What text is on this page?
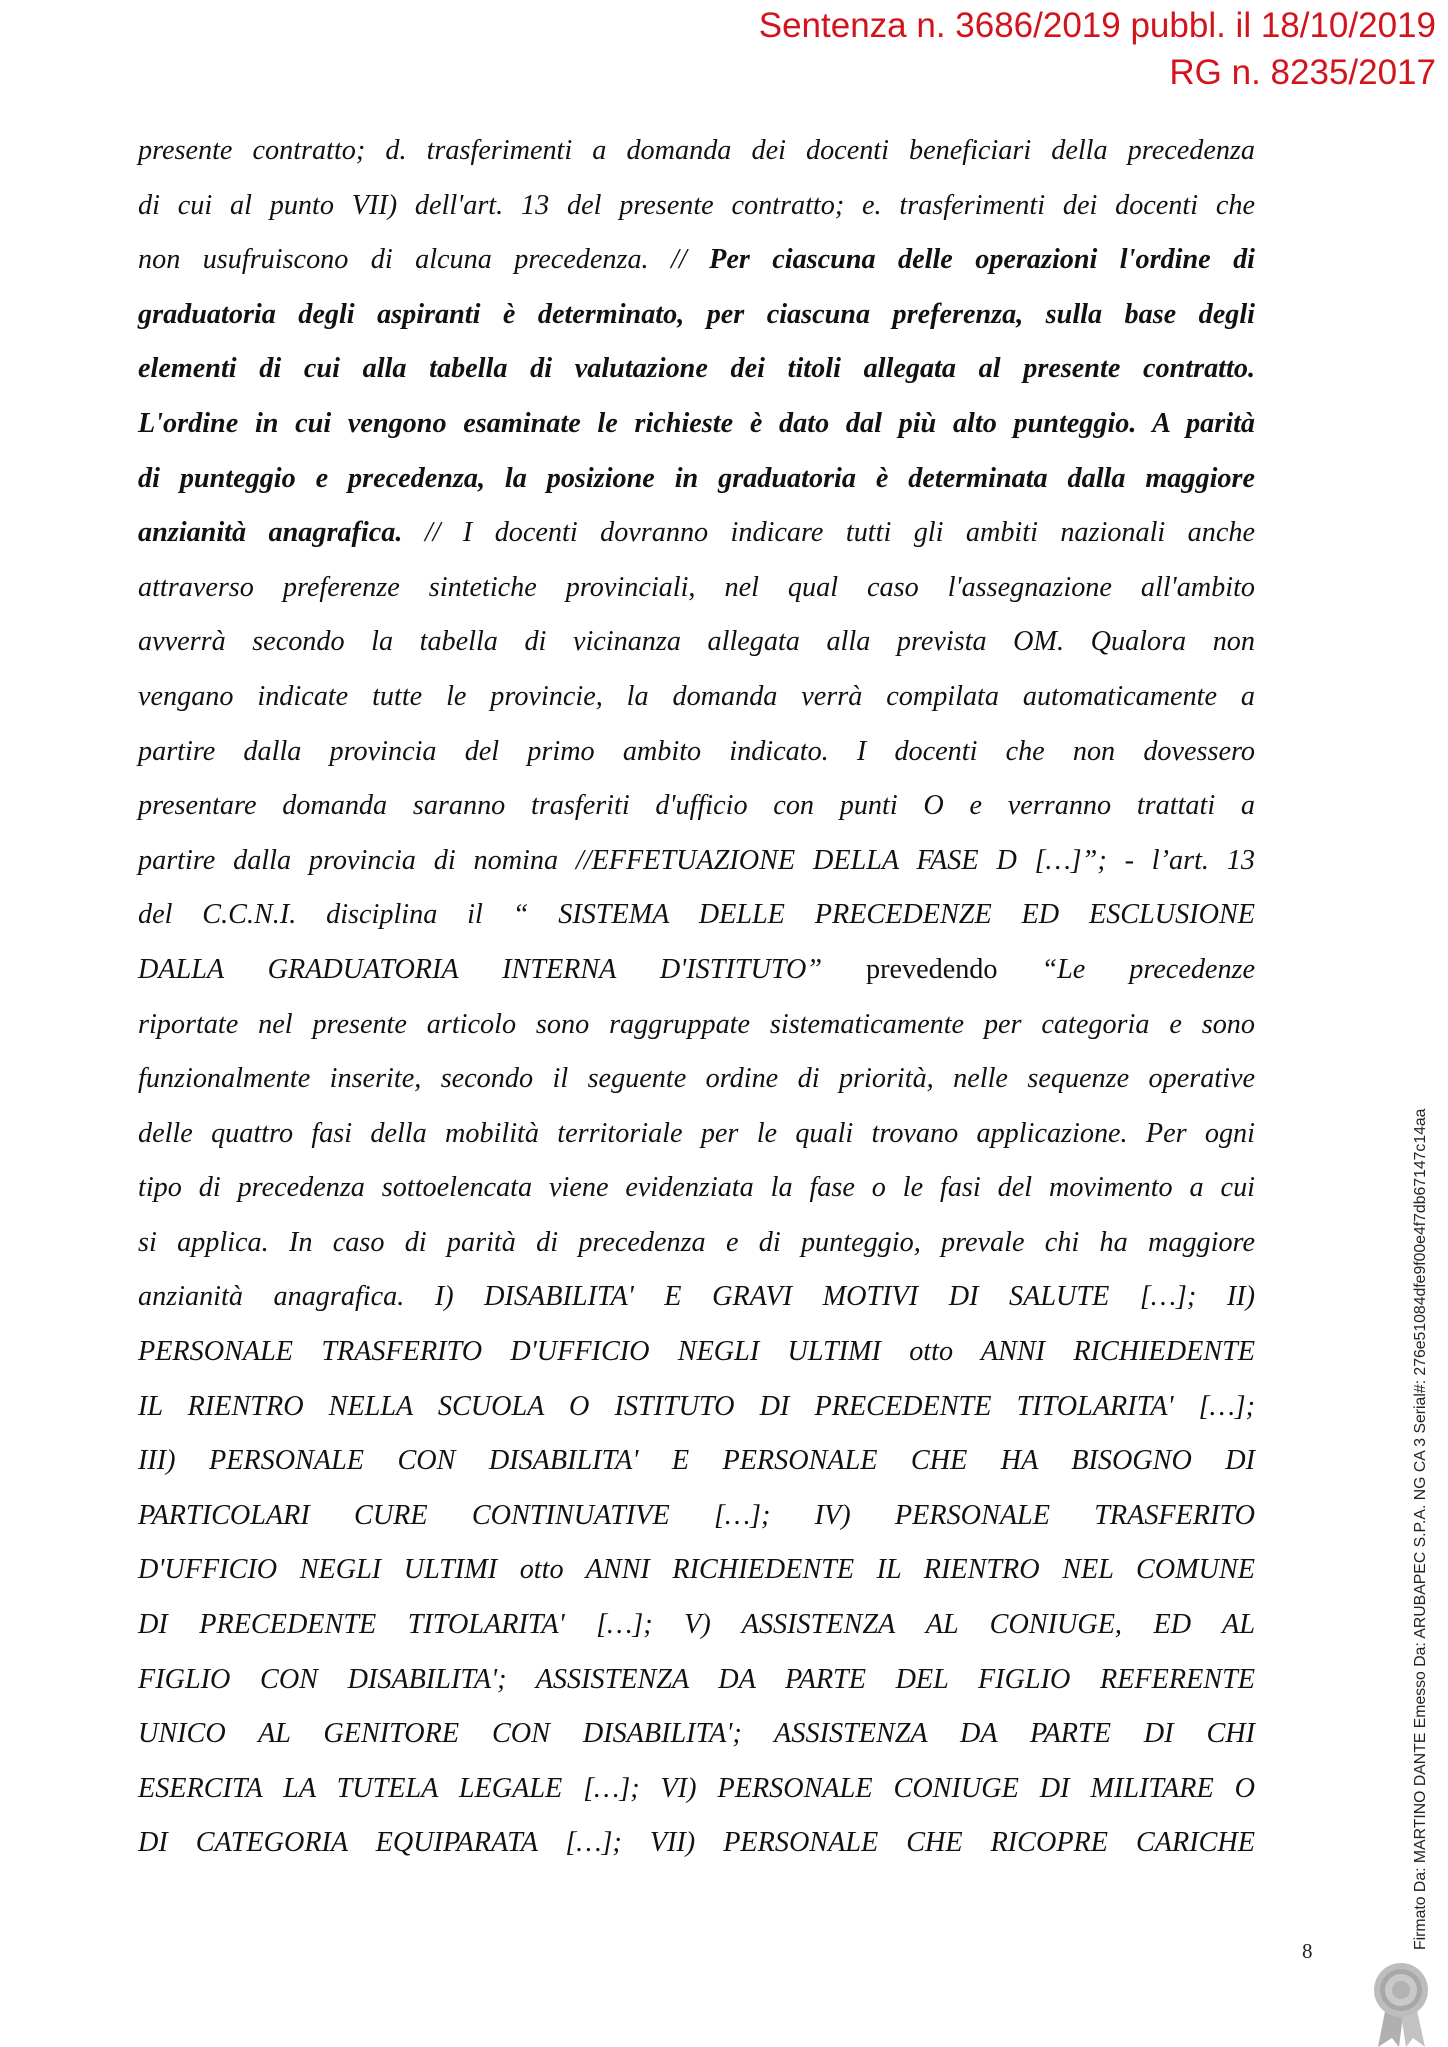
Sentenza n. 3686/2019 pubbl. il 18/10/2019
RG n. 8235/2017
presente contratto; d. trasferimenti a domanda dei docenti beneficiari della precedenza
di cui al punto VII) dell'art. 13 del presente contratto; e. trasferimenti dei docenti che
non usufruiscono di alcuna precedenza. // Per ciascuna delle operazioni l'ordine di
graduatoria degli aspiranti è determinato, per ciascuna preferenza, sulla base degli
elementi di cui alla tabella di valutazione dei titoli allegata al presente contratto.
L'ordine in cui vengono esaminate le richieste è dato dal più alto punteggio. A parità
di punteggio e precedenza, la posizione in graduatoria è determinata dalla maggiore
anzianità anagrafica. // I docenti dovranno indicare tutti gli ambiti nazionali anche
attraverso preferenze sintetiche provinciali, nel qual caso l'assegnazione all'ambito
avverrà secondo la tabella di vicinanza allegata alla prevista OM. Qualora non
vengano indicate tutte le provincie, la domanda verrà compilata automaticamente a
partire dalla provincia del primo ambito indicato. I docenti che non dovessero
presentare domanda saranno trasferiti d'ufficio con punti O e verranno trattati a
partire dalla provincia di nomina //EFFETUAZIONE DELLA FASE D […]”; - l’art. 13
del C.C.N.I. disciplina il “ SISTEMA DELLE PRECEDENZE ED ESCLUSIONE
DALLA GRADUATORIA INTERNA D'ISTITUTO” prevedendo “Le precedenze
riportate nel presente articolo sono raggruppate sistematicamente per categoria e sono
funzionalmente inserite, secondo il seguente ordine di priorità, nelle sequenze operative
delle quattro fasi della mobilità territoriale per le quali trovano applicazione. Per ogni
tipo di precedenza sottoelencata viene evidenziata la fase o le fasi del movimento a cui
si applica. In caso di parità di precedenza e di punteggio, prevale chi ha maggiore
anzianità anagrafica. I) DISABILITA' E GRAVI MOTIVI DI SALUTE […]; II)
PERSONALE TRASFERITO D'UFFICIO NEGLI ULTIMI otto ANNI RICHIEDENTE
IL RIENTRO NELLA SCUOLA O ISTITUTO DI PRECEDENTE TITOLARITA' […];
III) PERSONALE CON DISABILITA' E PERSONALE CHE HA BISOGNO DI
PARTICOLARI CURE CONTINUATIVE […]; IV) PERSONALE TRASFERITO
D'UFFICIO NEGLI ULTIMI otto ANNI RICHIEDENTE IL RIENTRO NEL COMUNE
DI PRECEDENTE TITOLARITA' […]; V) ASSISTENZA AL CONIUGE, ED AL
FIGLIO CON DISABILITA'; ASSISTENZA DA PARTE DEL FIGLIO REFERENTE
UNICO AL GENITORE CON DISABILITA'; ASSISTENZA DA PARTE DI CHI
ESERCITA LA TUTELA LEGALE […]; VI) PERSONALE CONIUGE DI MILITARE O
DI CATEGORIA EQUIPARATA […]; VII) PERSONALE CHE RICOPRE CARICHE
8
Firmato Da: MARTINO DANTE Emesso Da: ARUBAPEC S.P.A. NG CA 3 Serial#: 276e51084dfe9f00e4f7db67147c14aa
